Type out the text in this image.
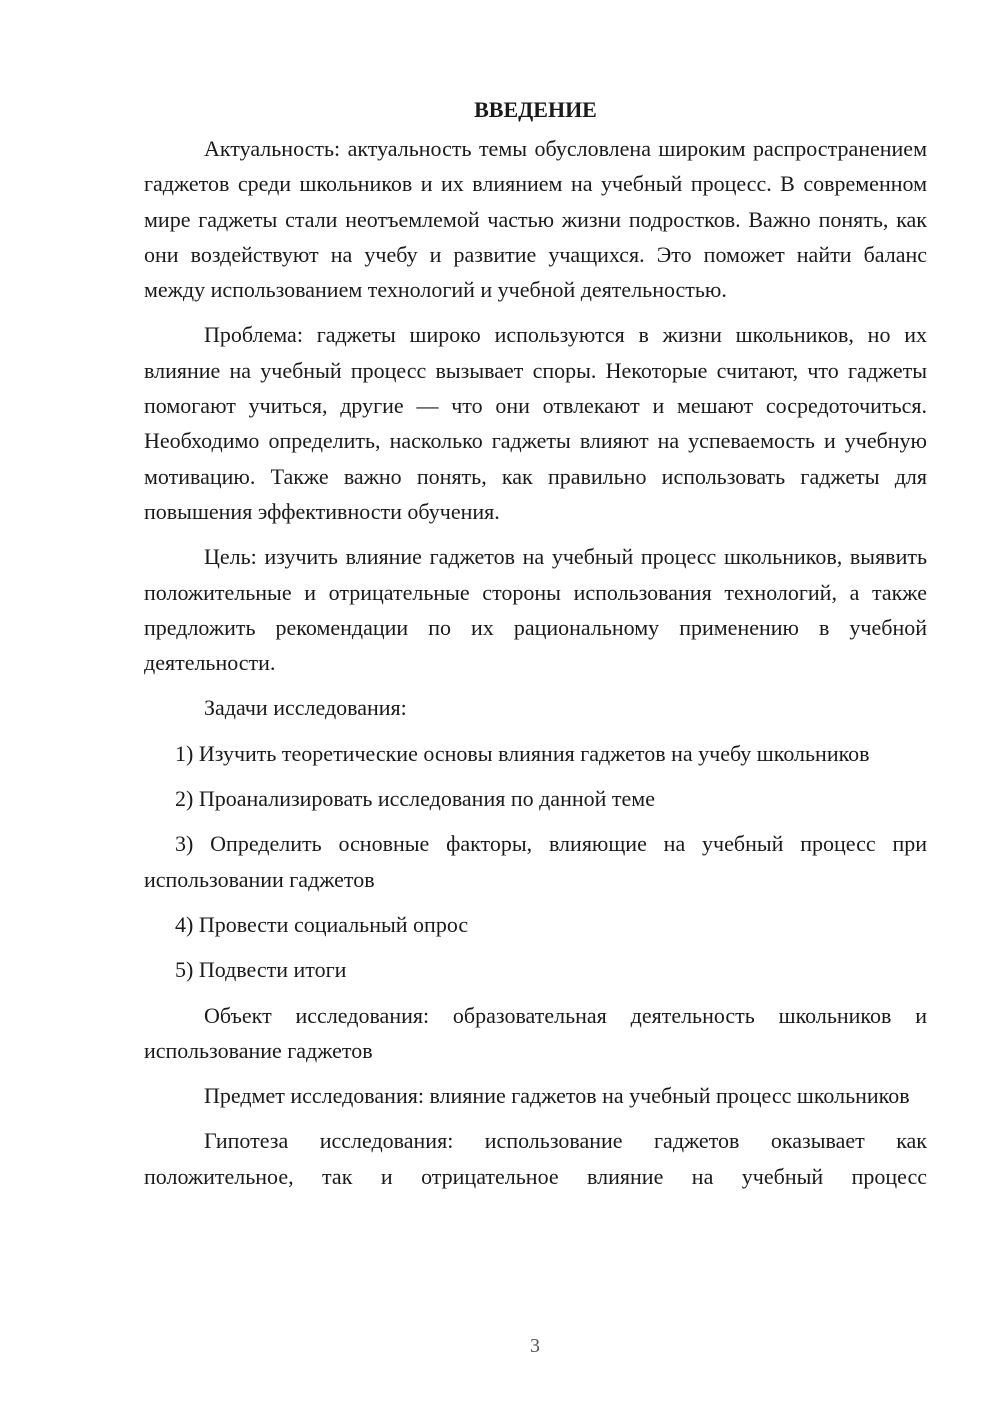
ВВЕДЕНИЕ

Актуальность: актуальность темы обусловлена широким распространением гаджетов среди школьников и их влиянием на учебный процесс. В современном мире гаджеты стали неотъемлемой частью жизни подростков. Важно понять, как они воздействуют на учебу и развитие учащихся. Это поможет найти баланс между использованием технологий и учебной деятельностью.

Проблема: гаджеты широко используются в жизни школьников, но их влияние на учебный процесс вызывает споры. Некоторые считают, что гаджеты помогают учиться, другие — что они отвлекают и мешают сосредоточиться. Необходимо определить, насколько гаджеты влияют на успеваемость и учебную мотивацию. Также важно понять, как правильно использовать гаджеты для повышения эффективности обучения.

Цель: изучить влияние гаджетов на учебный процесс школьников, выявить положительные и отрицательные стороны использования технологий, а также предложить рекомендации по их рациональному применению в учебной деятельности.

Задачи исследования:

1) Изучить теоретические основы влияния гаджетов на учебу школьников

2) Проанализировать исследования по данной теме

3) Определить основные факторы, влияющие на учебный процесс при использовании гаджетов

4) Провести социальный опрос

5) Подвести итоги

Объект исследования: образовательная деятельность школьников и использование гаджетов

Предмет исследования: влияние гаджетов на учебный процесс школьников

Гипотеза исследования: использование гаджетов оказывает как положительное, так и отрицательное влияние на учебный процесс

3
